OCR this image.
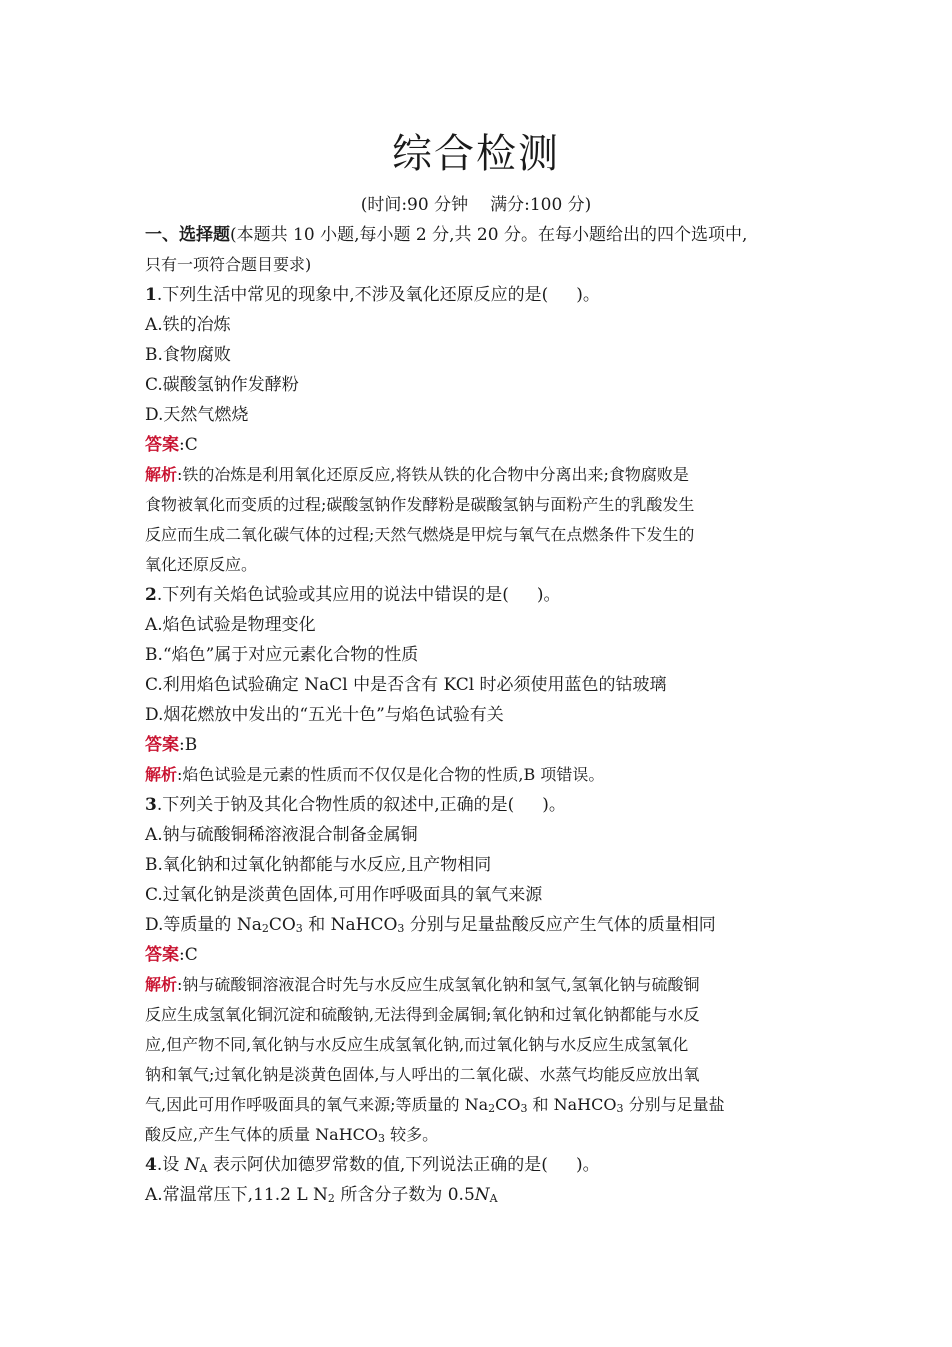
综合检测
(时间:90 分钟 满分:100 分)
一、选择题(本题共 10 小题,每小题 2 分,共 20 分。在每小题给出的四个选项中,
只有一项符合题目要求)
1.下列生活中常见的现象中,不涉及氧化还原反应的是( )。
A.铁的冶炼
B.食物腐败
C.碳酸氢钠作发酵粉
D.天然气燃烧
答案:C
解析:铁的冶炼是利用氧化还原反应,将铁从铁的化合物中分离出来;食物腐败是
食物被氧化而变质的过程;碳酸氢钠作发酵粉是碳酸氢钠与面粉产生的乳酸发生
反应而生成二氧化碳气体的过程;天然气燃烧是甲烷与氧气在点燃条件下发生的
氧化还原反应。
2.下列有关焰色试验或其应用的说法中错误的是( )。
A.焰色试验是物理变化
B.“焰色”属于对应元素化合物的性质
C.利用焰色试验确定 NaCl 中是否含有 KCl 时必须使用蓝色的钴玻璃
D.烟花燃放中发出的“五光十色”与焰色试验有关
答案:B
解析:焰色试验是元素的性质而不仅仅是化合物的性质,B 项错误。
3.下列关于钠及其化合物性质的叙述中,正确的是( )。
A.钠与硫酸铜稀溶液混合制备金属铜
B.氧化钠和过氧化钠都能与水反应,且产物相同
C.过氧化钠是淡黄色固体,可用作呼吸面具的氧气来源
D.等质量的 Na2CO3 和 NaHCO3 分别与足量盐酸反应产生气体的质量相同
答案:C
解析:钠与硫酸铜溶液混合时先与水反应生成氢氧化钠和氢气,氢氧化钠与硫酸铜
反应生成氢氧化铜沉淀和硫酸钠,无法得到金属铜;氧化钠和过氧化钠都能与水反
应,但产物不同,氧化钠与水反应生成氢氧化钠,而过氧化钠与水反应生成氢氧化
钠和氧气;过氧化钠是淡黄色固体,与人呼出的二氧化碳、水蒸气均能反应放出氧
气,因此可用作呼吸面具的氧气来源;等质量的 Na2CO3 和 NaHCO3 分别与足量盐
酸反应,产生气体的质量 NaHCO3 较多。
4.设 NA 表示阿伏加德罗常数的值,下列说法正确的是( )。
A.常温常压下,11.2 L N2 所含分子数为 0.5NA
